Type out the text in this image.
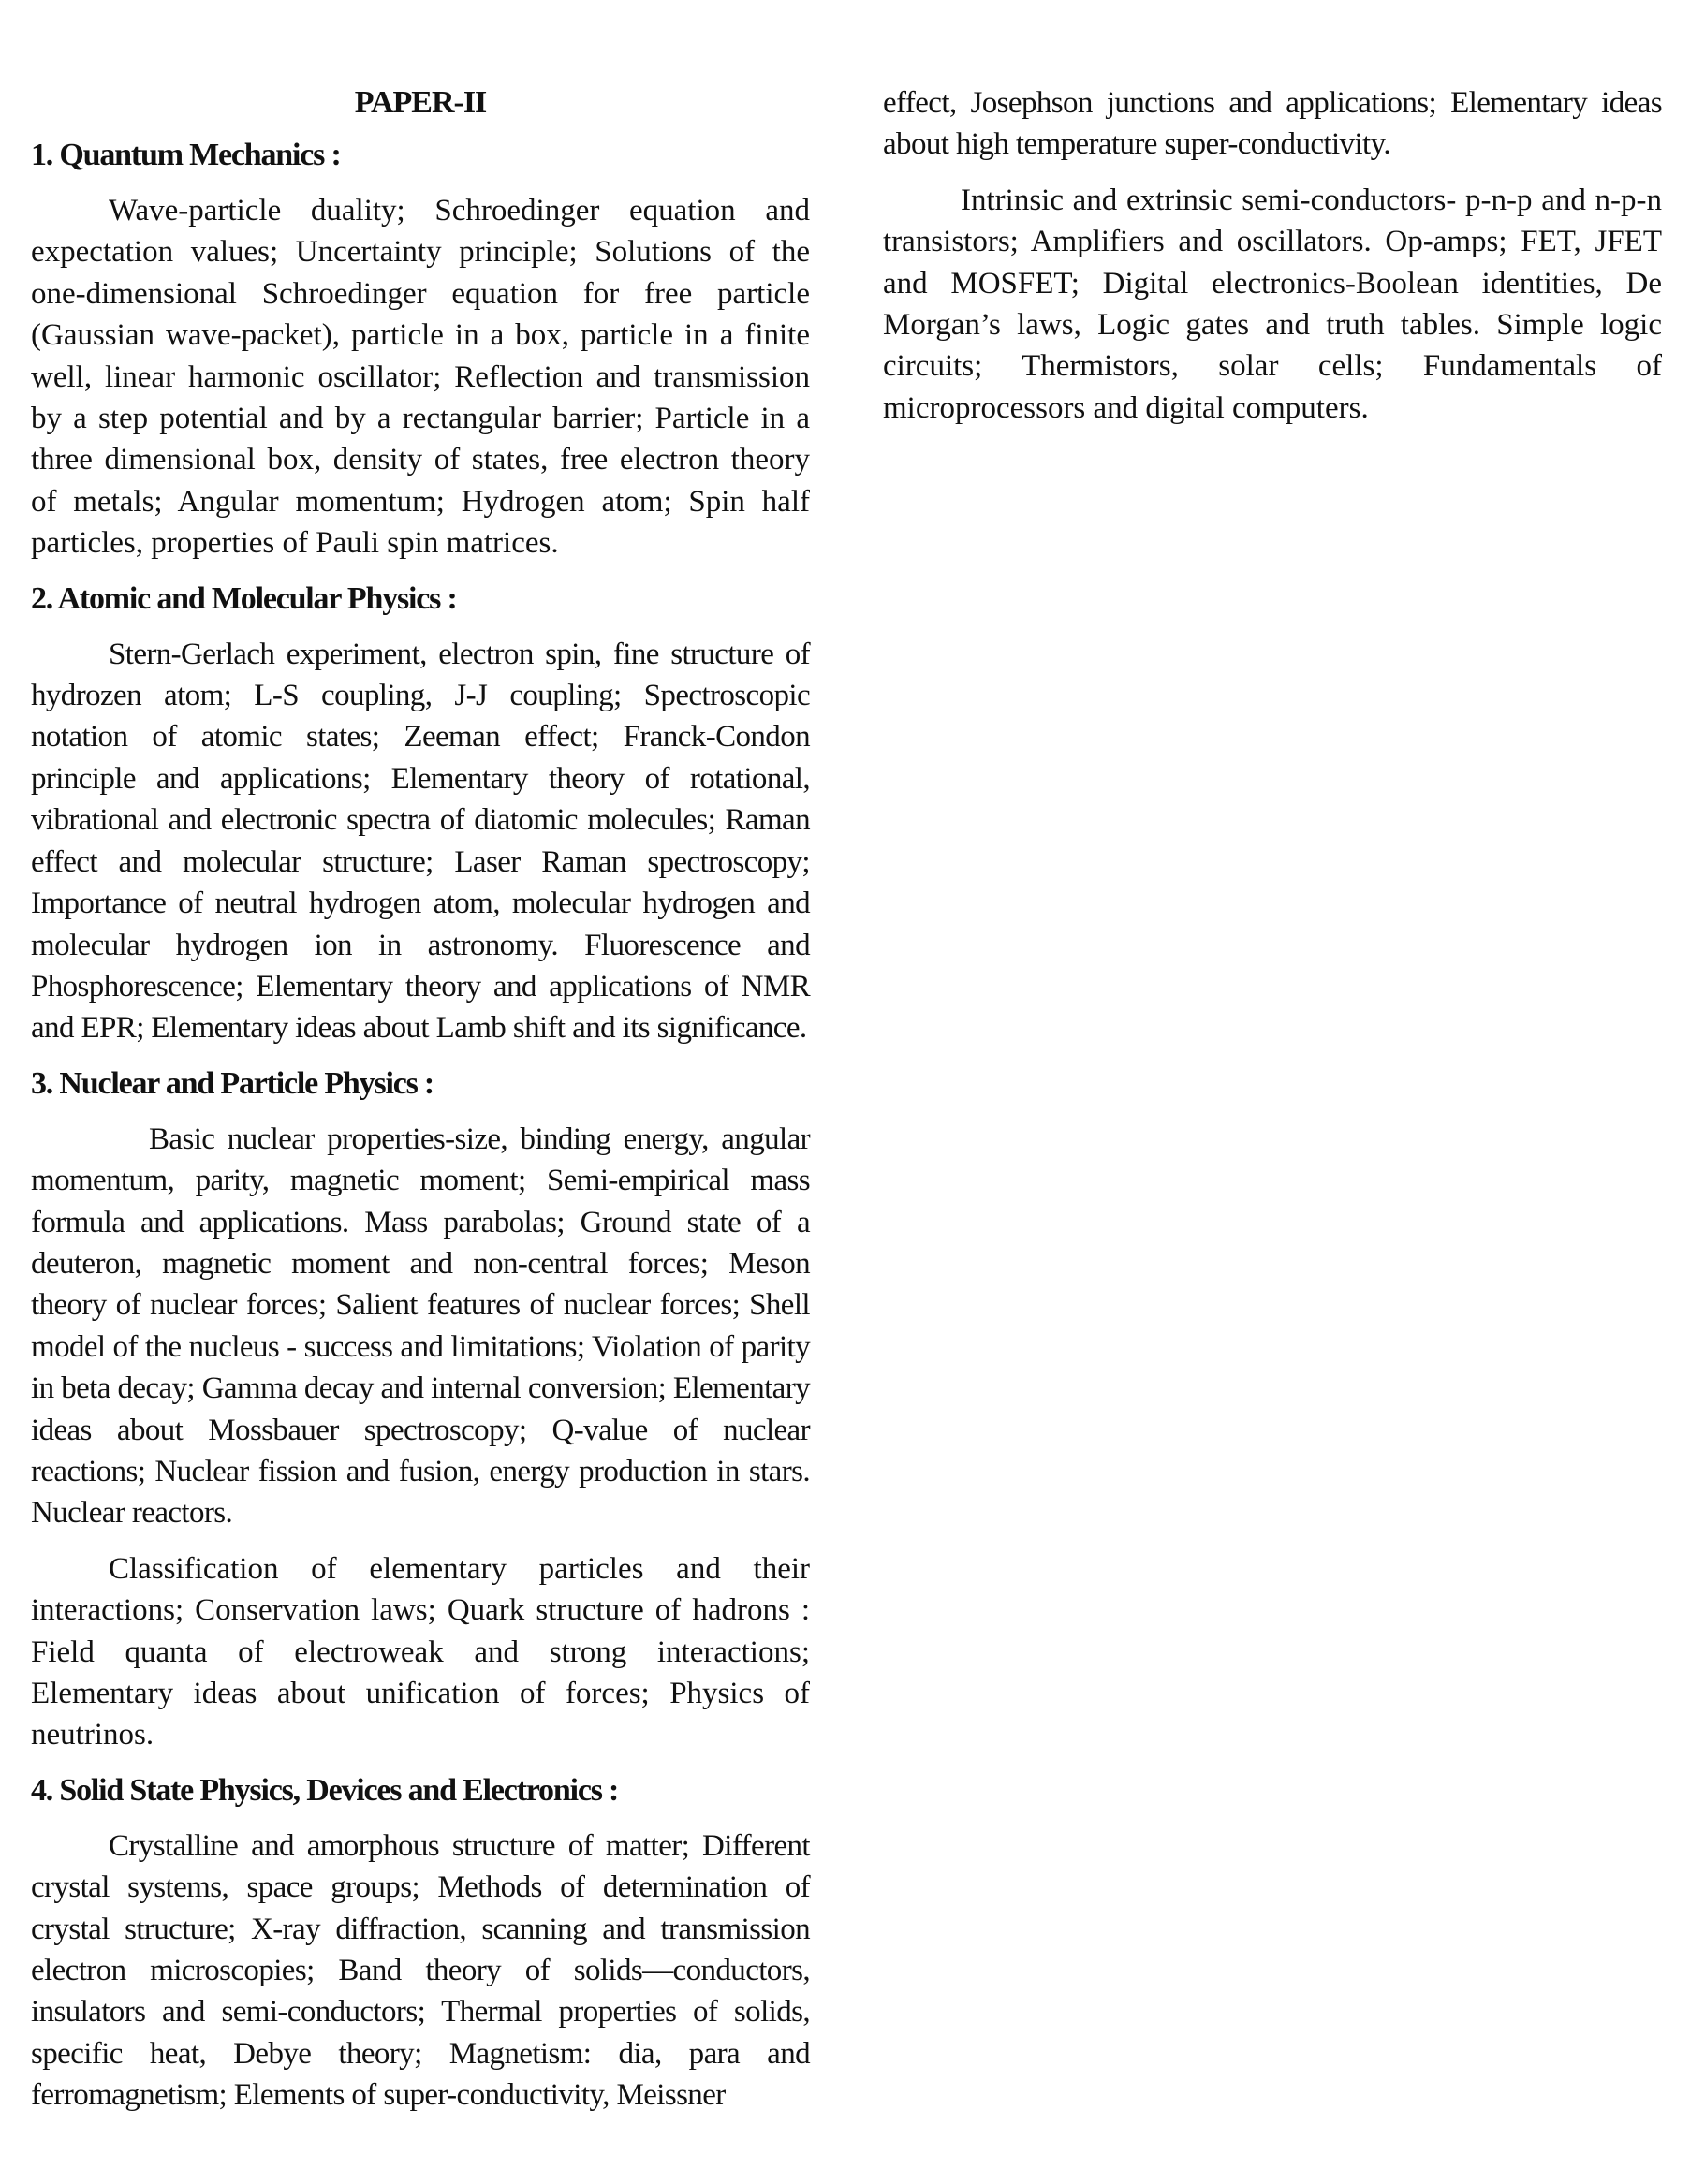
PAPER-II
1. Quantum Mechanics :

Wave-particle duality; Schroedinger equation and expectation values; Uncertainty principle; Solutions of the one-dimensional Schroedinger equation for free particle (Gaussian wave-packet), particle in a box, particle in a finite well, linear harmonic oscillator; Reflection and transmission by a step potential and by a rectangular barrier; Particle in a three dimensional box, density of states, free electron theory of metals; Angular momentum; Hydrogen atom; Spin half particles, properties of Pauli spin matrices.

2. Atomic and Molecular Physics :

Stern-Gerlach experiment, electron spin, fine structure of hydrozen atom; L-S coupling, J-J coupling; Spectroscopic notation of atomic states; Zeeman effect; Franck-Condon principle and applications; Elementary theory of rotational, vibrational and electronic spectra of diatomic molecules; Raman effect and molecular structure; Laser Raman spectroscopy; Importance of neutral hydrogen atom, molecular hydrogen and molecular hydrogen ion in astronomy. Fluorescence and Phosphorescence; Elementary theory and applications of NMR and EPR; Elementary ideas about Lamb shift and its significance.

3. Nuclear and Particle Physics :

Basic nuclear properties-size, binding energy, angular momentum, parity, magnetic moment; Semi-empirical mass formula and applications. Mass parabolas; Ground state of a deuteron, magnetic moment and non-central forces; Meson theory of nuclear forces; Salient features of nuclear forces; Shell model of the nucleus - success and limitations; Violation of parity in beta decay; Gamma decay and internal conversion; Elementary ideas about Mossbauer spectroscopy; Q-value of nuclear reactions; Nuclear fission and fusion, energy production in stars. Nuclear reactors.

Classification of elementary particles and their interactions; Conservation laws; Quark structure of hadrons : Field quanta of electroweak and strong interactions; Elementary ideas about unification of forces; Physics of neutrinos.

4. Solid State Physics, Devices and Electronics :

Crystalline and amorphous structure of matter; Different crystal systems, space groups; Methods of determination of crystal structure; X-ray diffraction, scanning and transmission electron microscopies; Band theory of solids—conductors, insulators and semi-conductors; Thermal properties of solids, specific heat, Debye theory; Magnetism: dia, para and ferromagnetism; Elements of super-conductivity, Meissner

effect, Josephson junctions and applications; Elementary ideas about high temperature super-conductivity.

Intrinsic and extrinsic semi-conductors- p-n-p and n-p-n transistors; Amplifiers and oscillators. Op-amps; FET, JFET and MOSFET; Digital electronics-Boolean identities, De Morgan’s laws, Logic gates and truth tables. Simple logic circuits; Thermistors, solar cells; Fundamentals of microprocessors and digital computers.
